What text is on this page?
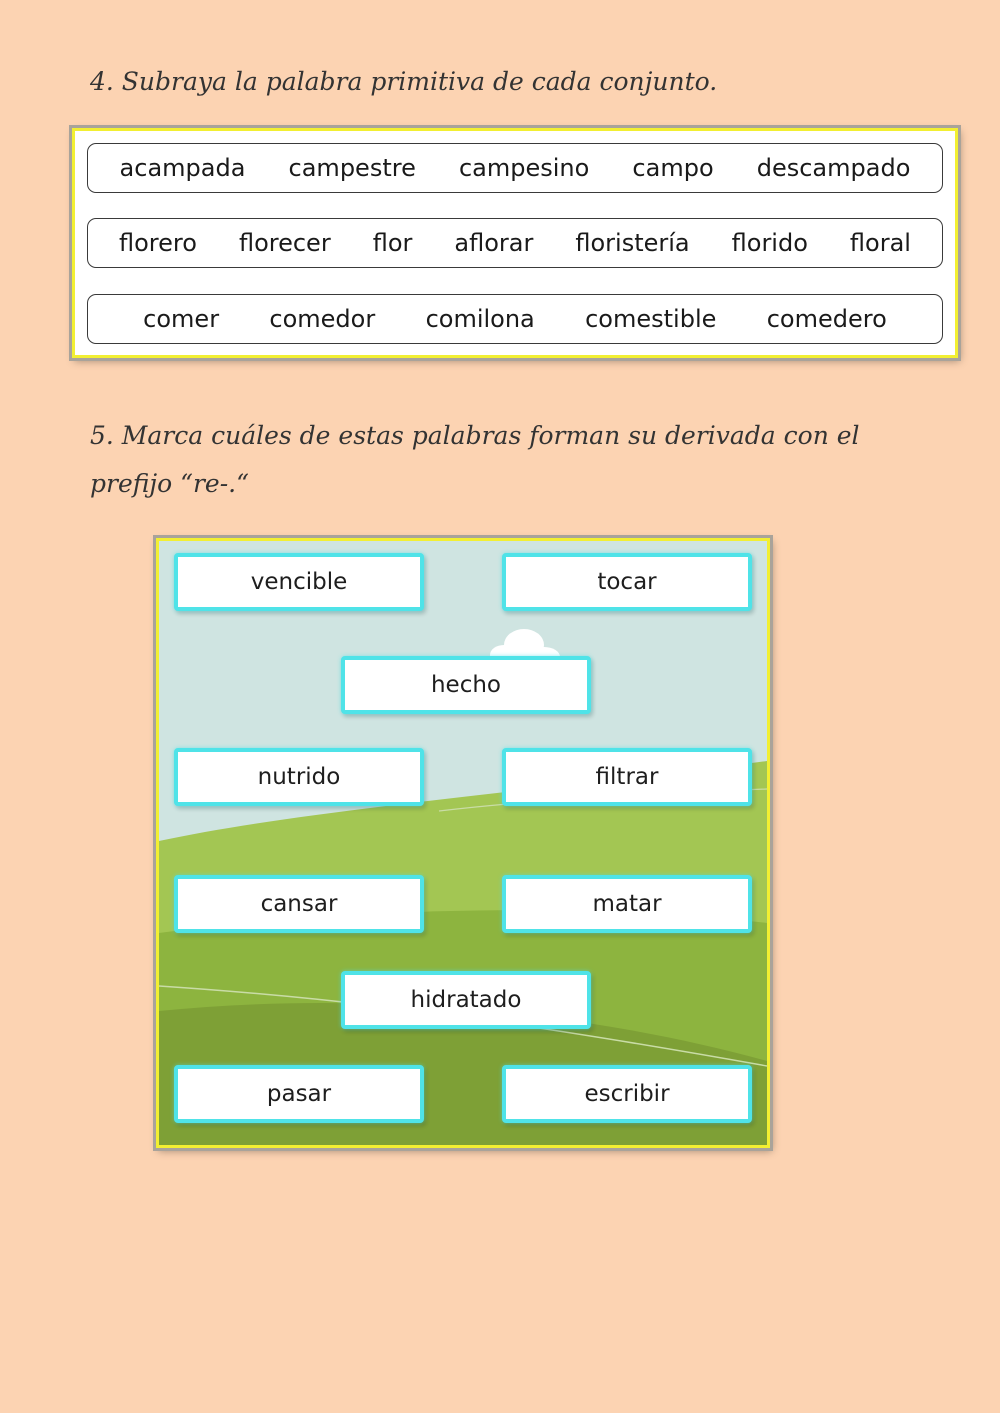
4. Subraya la palabra primitiva de cada conjunto.

acampada campestre campesino campo descampado
florero florecer flor aflorar floristería florido floral
comer comedor comilona comestible comedero

5. Marca cuáles de estas palabras forman su derivada con el prefijo “re-.“

vencible	tocar
hecho
nutrido	filtrar
cansar	matar
hidratado
pasar	escribir
